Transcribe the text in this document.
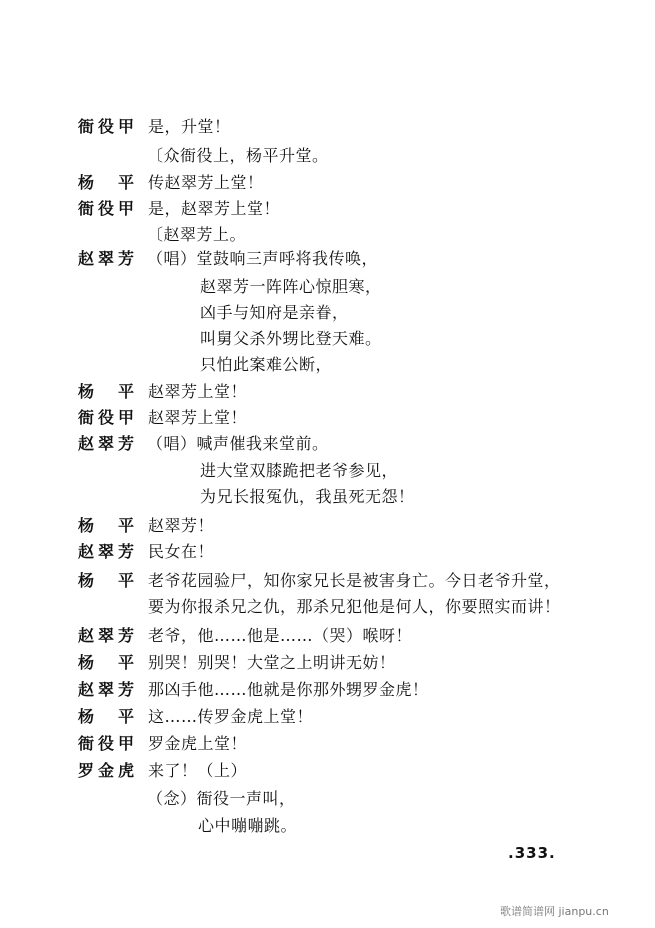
衙役甲 是，升堂！
〔众衙役上，杨平升堂。
杨 平 传赵翠芳上堂！
衙役甲 是，赵翠芳上堂！
〔赵翠芳上。
赵翠芳 （唱）堂鼓响三声呼将我传唤，
赵翠芳一阵阵心惊胆寒，
凶手与知府是亲眷，
叫舅父杀外甥比登天难。
只怕此案难公断，
杨 平 赵翠芳上堂！
衙役甲 赵翠芳上堂！
赵翠芳 （唱）喊声催我来堂前。
进大堂双膝跪把老爷参见，
为兄长报冤仇，我虽死无怨！
杨 平 赵翠芳！
赵翠芳 民女在！
杨 平 老爷花园验尸，知你家兄长是被害身亡。今日老爷升堂，
要为你报杀兄之仇，那杀兄犯他是何人，你要照实而讲！
赵翠芳 老爷，他……他是……（哭）喉呀！
杨 平 别哭！别哭！大堂之上明讲无妨！
赵翠芳 那凶手他……他就是你那外甥罗金虎！
杨 平 这……传罗金虎上堂！
衙役甲 罗金虎上堂！
罗金虎 来了！（上）
（念）衙役一声叫，
心中嘣嘣跳。
.333.
歌谱简谱网 jianpu.cn
